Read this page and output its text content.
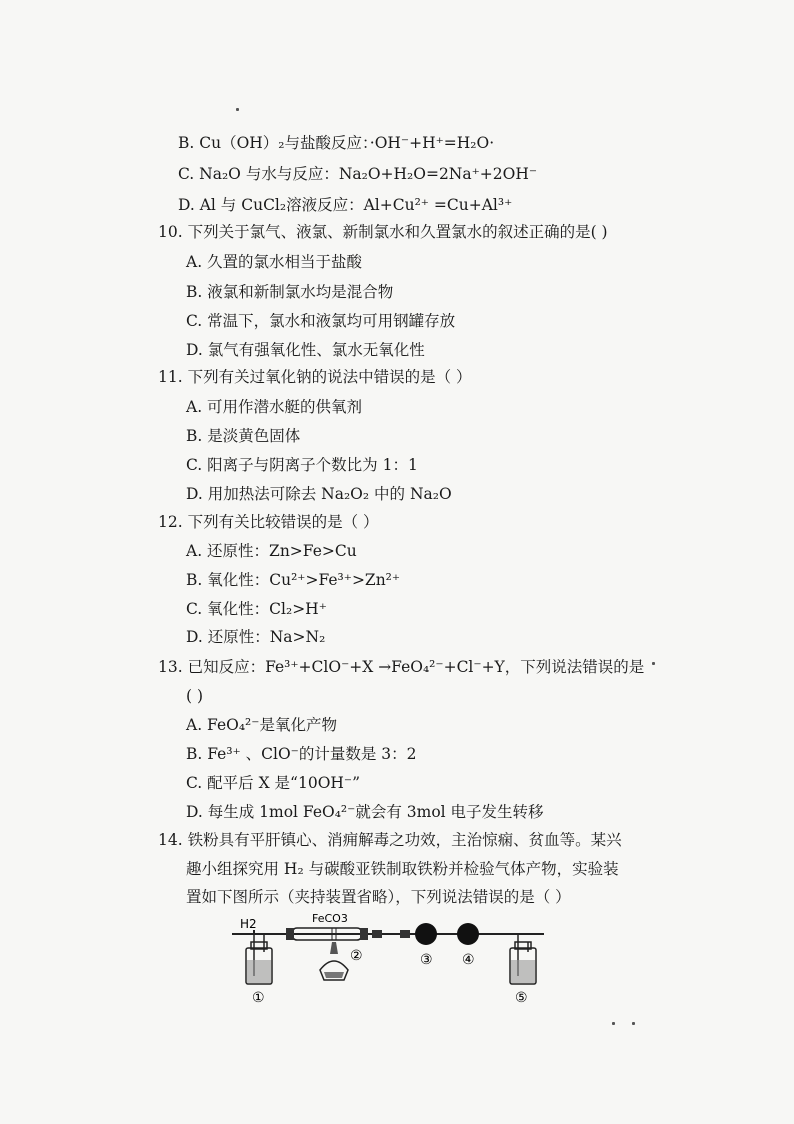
B. Cu（OH）₂与盐酸反应：·OH⁻+H⁺=H₂O·
C. Na₂O 与水与反应：Na₂O+H₂O=2Na⁺+2OH⁻
D. Al 与 CuCl₂溶液反应：Al+Cu²⁺ =Cu+Al³⁺
10. 下列关于氯气、液氯、新制氯水和久置氯水的叙述正确的是( )
A. 久置的氯水相当于盐酸
B. 液氯和新制氯水均是混合物
C. 常温下，氯水和液氯均可用钢罐存放
D. 氯气有强氧化性、氯水无氧化性
11. 下列有关过氧化钠的说法中错误的是（ ）
A. 可用作潜水艇的供氧剂
B. 是淡黄色固体
C. 阳离子与阴离子个数比为 1：1
D. 用加热法可除去 Na₂O₂ 中的 Na₂O
12. 下列有关比较错误的是（ ）
A. 还原性：Zn>Fe>Cu
B. 氧化性：Cu²⁺>Fe³⁺>Zn²⁺
C. 氧化性：Cl₂>H⁺
D. 还原性：Na>N₂
13. 已知反应：Fe³⁺+ClO⁻+X →FeO₄²⁻+Cl⁻+Y，下列说法错误的是
( )
A. FeO₄²⁻是氧化产物
B. Fe³⁺ 、ClO⁻的计量数是 3：2
C. 配平后 X 是“10OH⁻”
D. 每生成 1mol FeO₄²⁻就会有 3mol 电子发生转移
14. 铁粉具有平肝镇心、消痈解毒之功效，主治惊痫、贫血等。某兴
趣小组探究用 H₂ 与碳酸亚铁制取铁粉并检验气体产物，实验装
置如下图所示（夹持装置省略），下列说法错误的是（ ）
H2
①
FeCO3
②	③ ④
⑤
